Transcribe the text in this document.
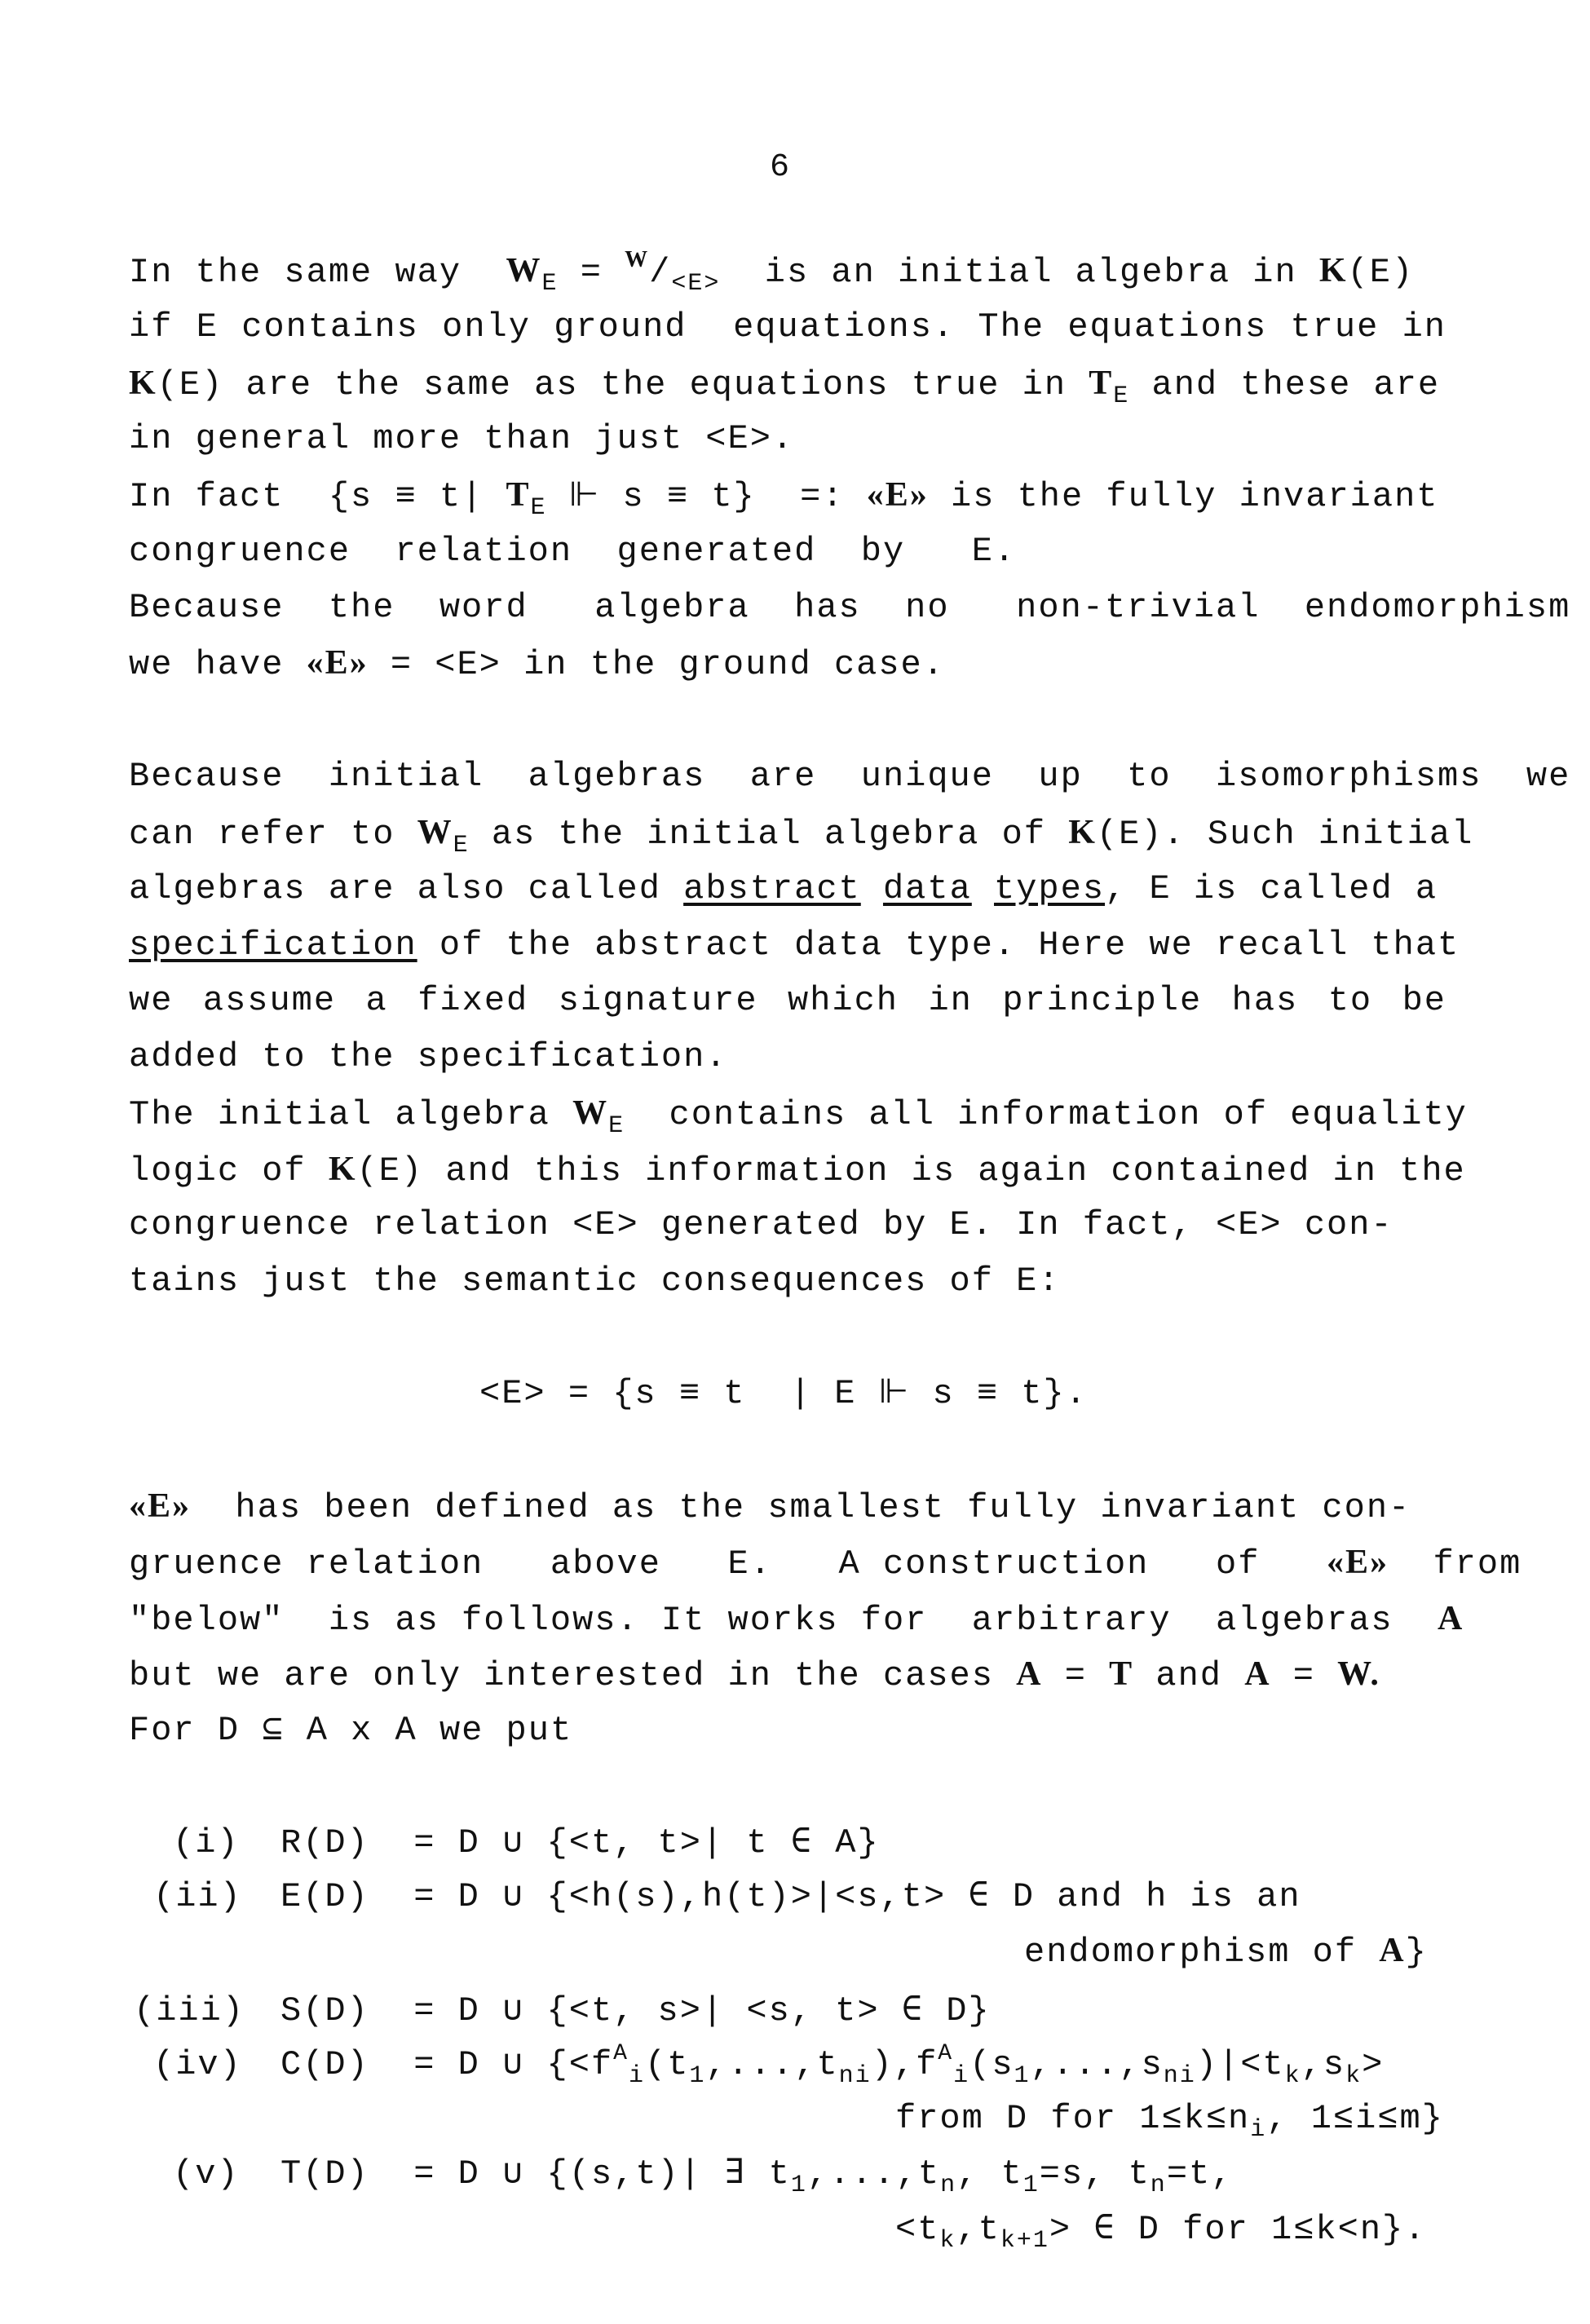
6
In the same way  $W_E = ^W/_{<E>}$  is an initial algebra in K(E)
if E contains only ground  equations. The equations true in
K(E) are the same as the equations true in $T_E$ and these are
in general more than just <E>.
In fact  {s ≡ t| $T_E$ ⊩ s ≡ t}  =: «E» is the fully invariant
congruence  relation  generated  by   E.
Because  the  word   algebra  has  no   non-trivial  endomorphism
we have «E» = <E> in the ground case.
Because  initial  algebras  are  unique  up  to  isomorphisms  we
can refer to $W_E$ as the initial algebra of K(E). Such initial
algebras are also called abstract data types, E is called a
specification of the abstract data type. Here we recall that
we assume a fixed signature which in principle has to be
added to the specification.
The initial algebra $W_E$  contains all information of equality
logic of K(E) and this information is again contained in the
congruence relation <E> generated by E. In fact, <E> con-
tains just the semantic consequences of E:
<E> = {s ≡ t  | E ⊩ s ≡ t}.
«E»  has been defined as the smallest fully invariant con-
gruence relation   above   E.   A construction   of   «E»  from
"below"  is as follows. It works for  arbitrary  algebras  A
but we are only interested in the cases A = T and A = W.
For D ⊆ A x A we put
(i) R(D)  = D ∪ {<t, t>| t ∈ A}
(ii) E(D)  = D ∪ {<h(s),h(t)>|<s,t> ∈ D and h is an
endomorphism of A}
(iii) S(D)  = D ∪ {<t, s>| <s, t> ∈ D}
(iv) C(D)  = D ∪ {$<f^A_i(t_1,...,t_{ni}),f^A_i(s_1,...,s_{ni})|<t_k,s_k>$
from D for $1\le k\le n_i$, 1≤i≤m}
(v) T(D)  = D ∪ {(s,t)| ∃ $t_1,...,t_n$, $t_1=s$, $t_n=t$,
$<t_k,t_{k+1}>$ ∈ D for 1≤k<n}.
